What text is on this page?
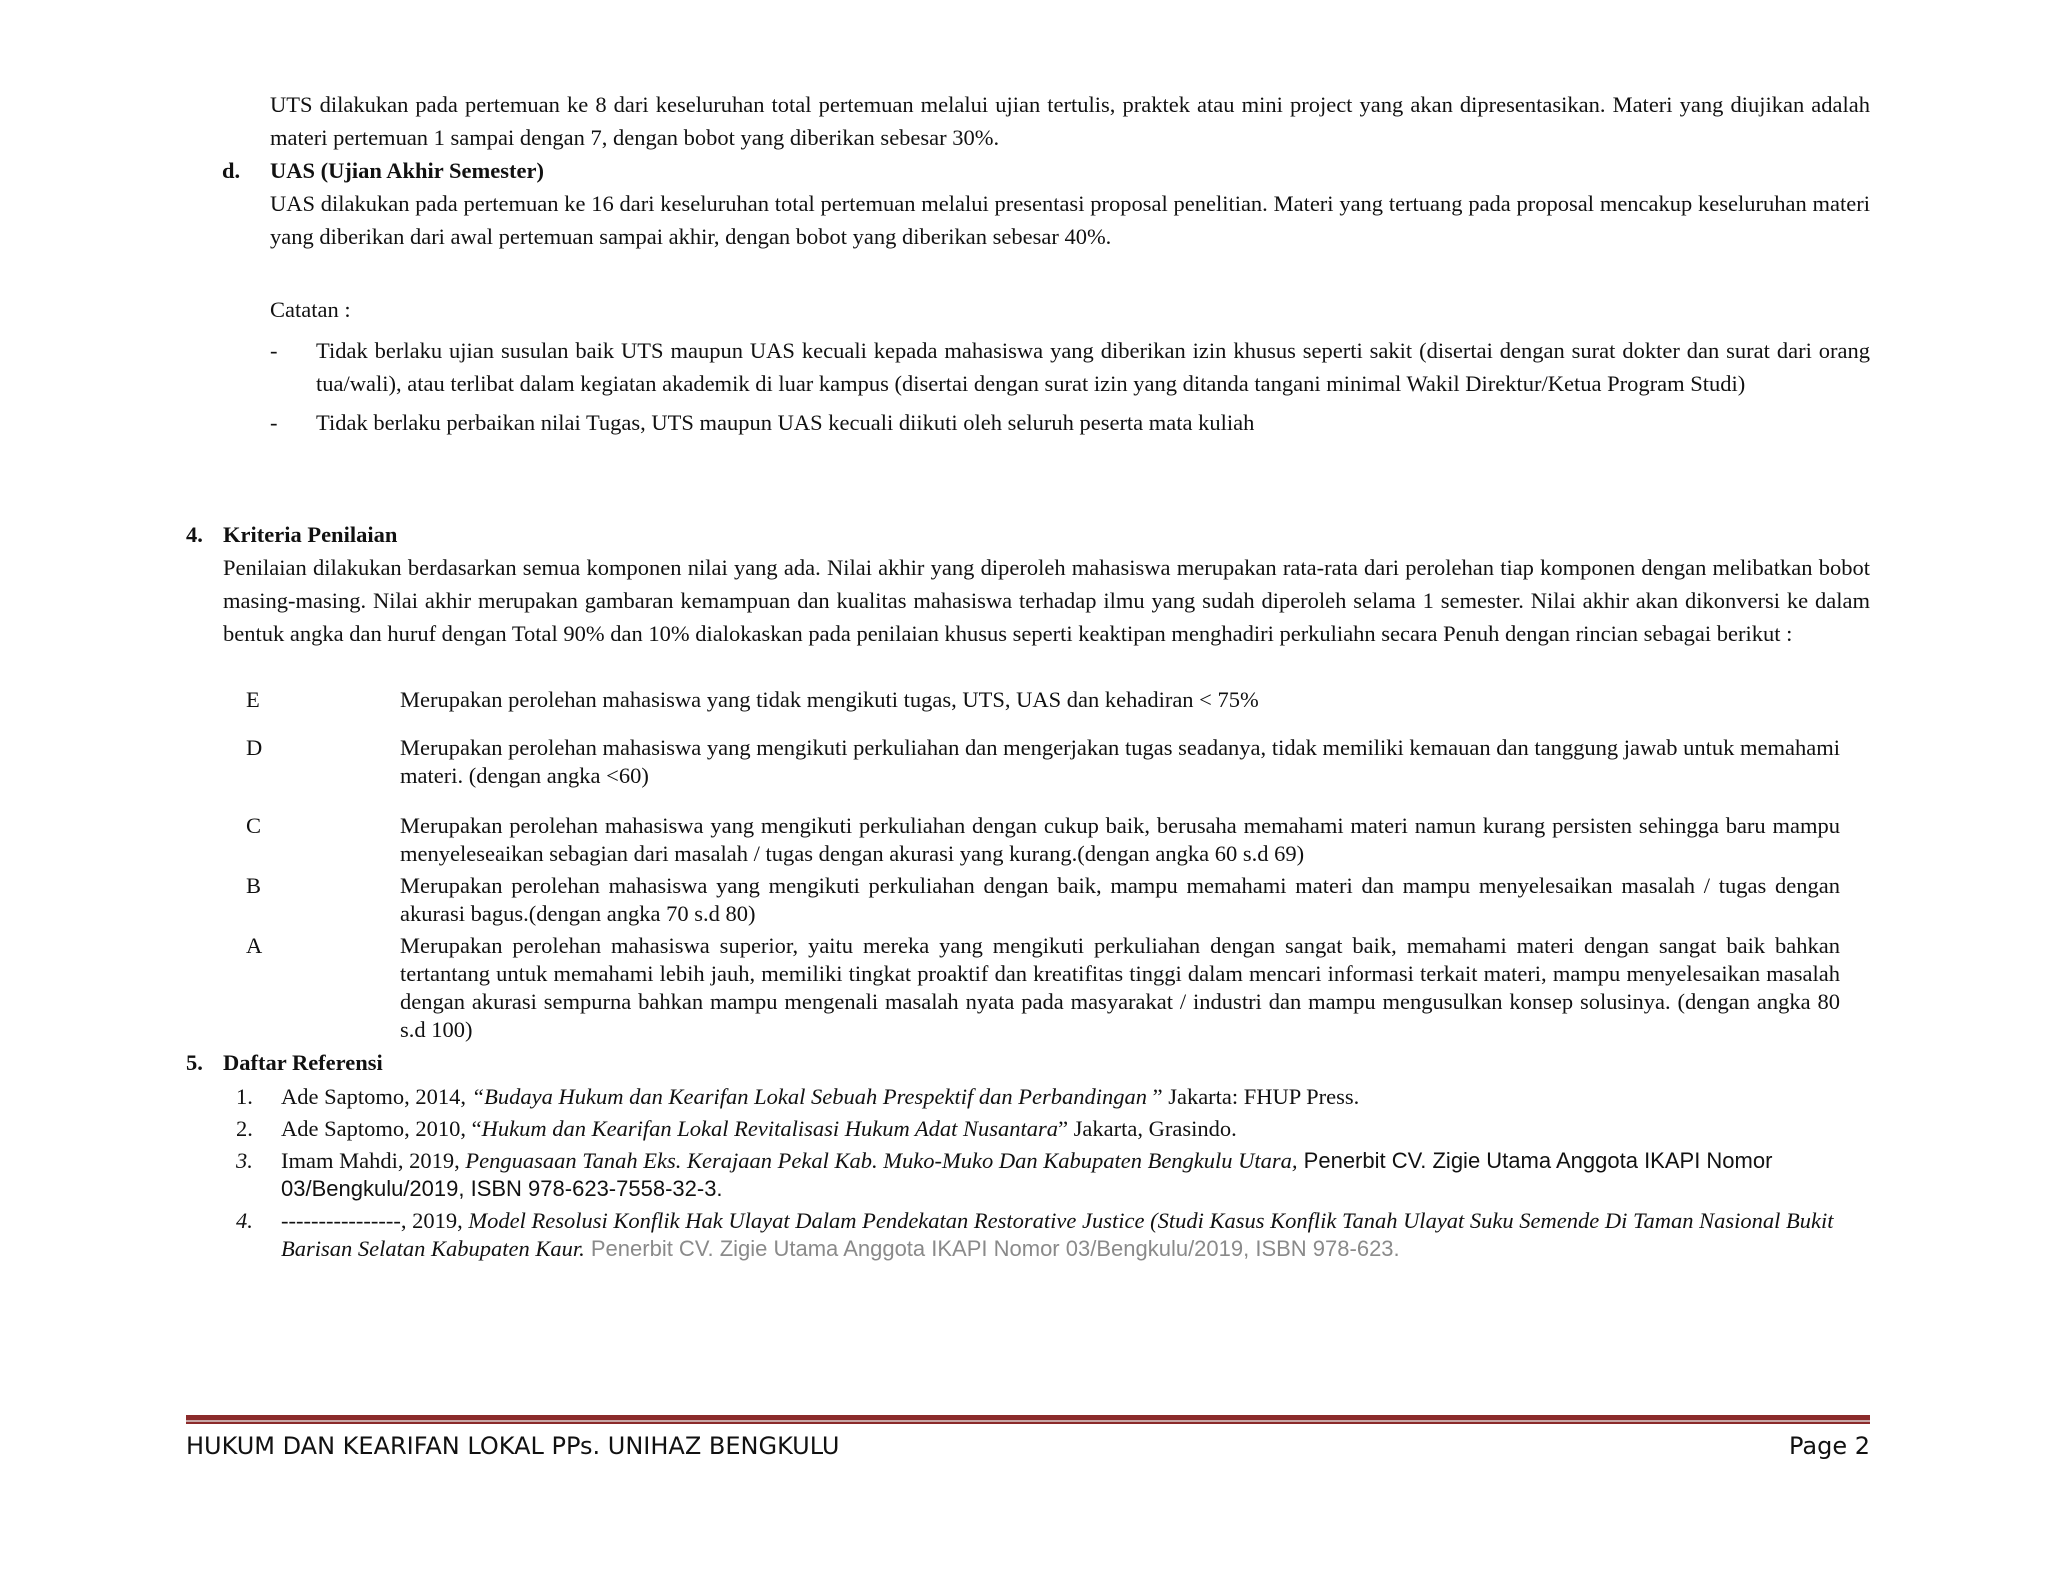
UTS dilakukan pada pertemuan ke 8 dari keseluruhan total pertemuan melalui ujian tertulis, praktek atau mini project yang akan dipresentasikan. Materi yang diujikan adalah materi pertemuan 1 sampai dengan 7, dengan bobot yang diberikan sebesar 30%.

d. UAS (Ujian Akhir Semester)

UAS dilakukan pada pertemuan ke 16 dari keseluruhan total pertemuan melalui presentasi proposal penelitian. Materi yang tertuang pada proposal mencakup keseluruhan materi yang diberikan dari awal pertemuan sampai akhir, dengan bobot yang diberikan sebesar 40%.

Catatan :

- Tidak berlaku ujian susulan baik UTS maupun UAS kecuali kepada mahasiswa yang diberikan izin khusus seperti sakit (disertai dengan surat dokter dan surat dari orang tua/wali), atau terlibat dalam kegiatan akademik di luar kampus (disertai dengan surat izin yang ditanda tangani minimal Wakil Direktur/Ketua Program Studi)
- Tidak berlaku perbaikan nilai Tugas, UTS maupun UAS kecuali diikuti oleh seluruh peserta mata kuliah
4. Kriteria Penilaian

Penilaian dilakukan berdasarkan semua komponen nilai yang ada. Nilai akhir yang diperoleh mahasiswa merupakan rata-rata dari perolehan tiap komponen dengan melibatkan bobot masing-masing. Nilai akhir merupakan gambaran kemampuan dan kualitas mahasiswa terhadap ilmu yang sudah diperoleh selama 1 semester. Nilai akhir akan dikonversi ke dalam bentuk angka dan huruf dengan Total 90% dan 10% dialokaskan pada penilaian khusus seperti keaktipan menghadiri perkuliahn secara Penuh dengan rincian sebagai berikut :

E	Merupakan perolehan mahasiswa yang tidak mengikuti tugas, UTS, UAS dan kehadiran < 75%
D	Merupakan perolehan mahasiswa yang mengikuti perkuliahan dan mengerjakan tugas seadanya, tidak memiliki kemauan dan tanggung jawab untuk memahami materi. (dengan angka <60)
C	Merupakan perolehan mahasiswa yang mengikuti perkuliahan dengan cukup baik, berusaha memahami materi namun kurang persisten sehingga baru mampu menyeleseaikan sebagian dari masalah / tugas dengan akurasi yang kurang.(dengan angka 60 s.d 69)
B	Merupakan perolehan mahasiswa yang mengikuti perkuliahan dengan baik, mampu memahami materi dan mampu menyelesaikan masalah / tugas dengan akurasi bagus.(dengan angka 70 s.d 80)
A	Merupakan perolehan mahasiswa superior, yaitu mereka yang mengikuti perkuliahan dengan sangat baik, memahami materi dengan sangat baik bahkan tertantang untuk memahami lebih jauh, memiliki tingkat proaktif dan kreatifitas tinggi dalam mencari informasi terkait materi, mampu menyelesaikan masalah dengan akurasi sempurna bahkan mampu mengenali masalah nyata pada masyarakat / industri dan mampu mengusulkan konsep solusinya. (dengan angka 80 s.d 100)
5. Daftar Referensi
1. Ade Saptomo, 2014, “Budaya Hukum dan Kearifan Lokal Sebuah Prespektif dan Perbandingan ” Jakarta: FHUP Press.
2. Ade Saptomo, 2010, “Hukum dan Kearifan Lokal Revitalisasi Hukum Adat Nusantara” Jakarta, Grasindo.
3. Imam Mahdi, 2019, Penguasaan Tanah Eks. Kerajaan Pekal Kab. Muko-Muko Dan Kabupaten Bengkulu Utara, Penerbit CV. Zigie Utama Anggota IKAPI Nomor 03/Bengkulu/2019, ISBN 978-623-7558-32-3.
4. ----------------, 2019, Model Resolusi Konflik Hak Ulayat Dalam Pendekatan Restorative Justice (Studi Kasus Konflik Tanah Ulayat Suku Semende Di Taman Nasional Bukit Barisan Selatan Kabupaten Kaur. Penerbit CV. Zigie Utama Anggota IKAPI Nomor 03/Bengkulu/2019, ISBN 978-623.
HUKUM DAN KEARIFAN LOKAL PPs. UNIHAZ BENGKULU	Page 2
